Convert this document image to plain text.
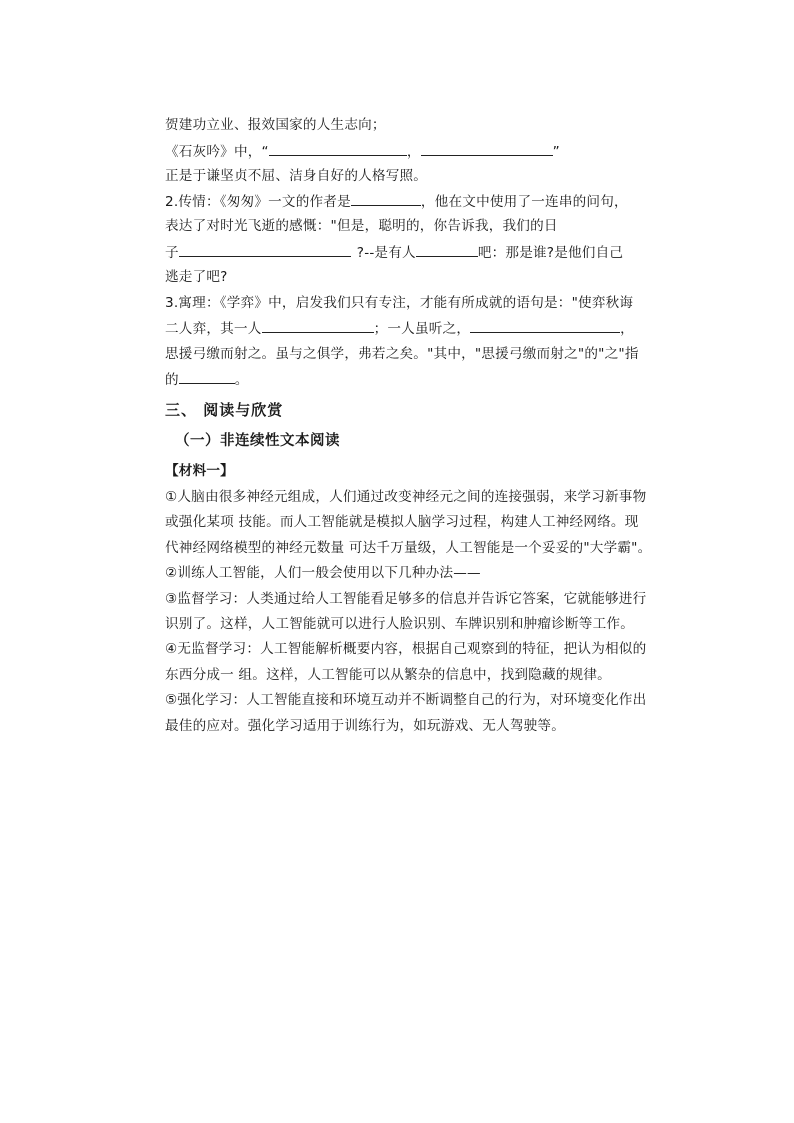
贺建功立业、报效国家的人生志向；
《石灰吟》中，“	，	”
正是于谦坚贞不屈、洁身自好的人格写照。
2.传情：《匆匆》一文的作者是	，他在文中使用了一连串的问句，
表达了对时光飞逝的感慨："但是，聪明的，你告诉我，我们的日
子	?--是有人	吧：那是谁?是他们自己
逃走了吧?
3.寓理：《学弈》中，启发我们只有专注，才能有所成就的语句是："使弈秋诲
二人弈，其一人	；一人虽听之，	，
思援弓缴而射之。虽与之俱学，弗若之矣。"其中，"思援弓缴而射之"的"之"指
的	。
三、 阅读与欣赏
（一）非连续性文本阅读
【材料一】
①人脑由很多神经元组成，人们通过改变神经元之间的连接强弱，来学习新事物
或强化某项 技能。而人工智能就是模拟人脑学习过程，构建人工神经网络。现
代神经网络模型的神经元数量 可达千万量级，人工智能是一个妥妥的"大学霸"。
②训练人工智能，人们一般会使用以下几种办法——
③监督学习：人类通过给人工智能看足够多的信息并告诉它答案，它就能够进行
识别了。这样，人工智能就可以进行人脸识别、车牌识别和肿瘤诊断等工作。
④无监督学习：人工智能解析概要内容，根据自己观察到的特征，把认为相似的
东西分成一 组。这样，人工智能可以从繁杂的信息中，找到隐藏的规律。
⑤强化学习：人工智能直接和环境互动并不断调整自己的行为，对环境变化作出
最佳的应对。强化学习适用于训练行为，如玩游戏、无人驾驶等。
